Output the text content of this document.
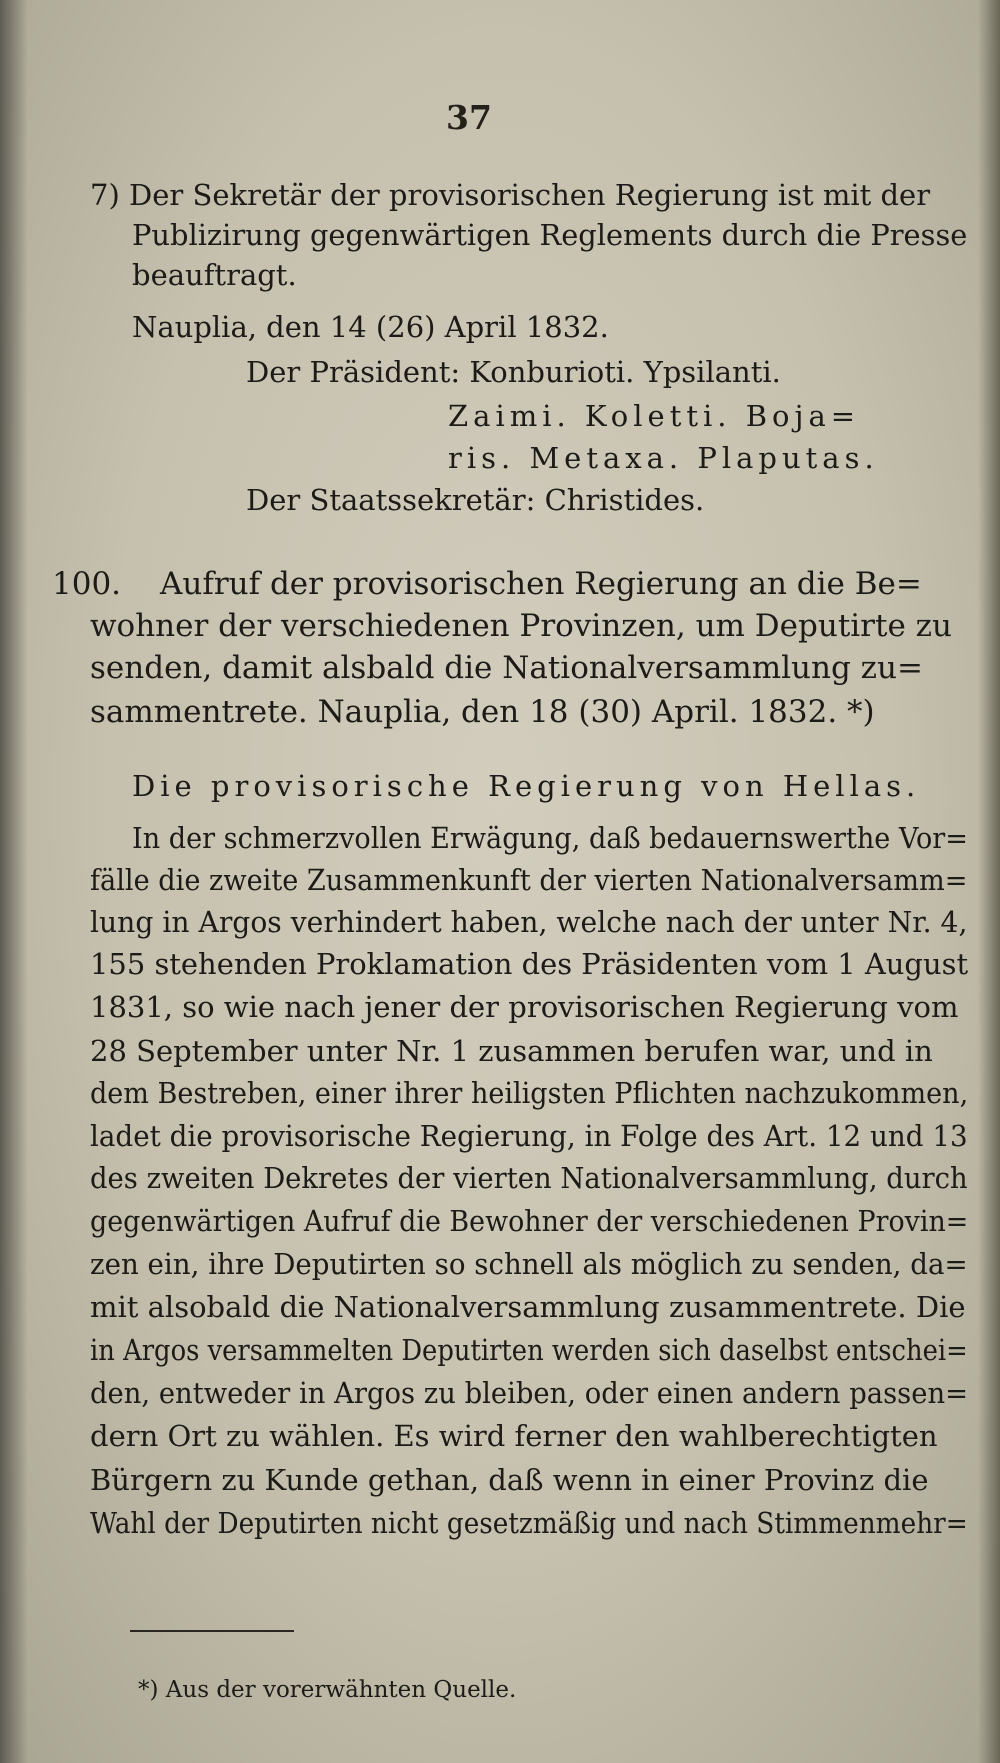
37

7) Der Sekretär der provisorischen Regierung ist mit der

Publizirung gegenwärtigen Reglements durch die Presse

beauftragt.

Nauplia, den 14 (26) April 1832.

Der Präsident: Konburioti. Ypsilanti.

Zaimi. Koletti. Boja=

ris. Metaxa. Plaputas.

Der Staatssekretär: Christides.

100. Aufruf der provisorischen Regierung an die Be=

wohner der verschiedenen Provinzen, um Deputirte zu

senden, damit alsbald die Nationalversammlung zu=

sammentrete. Nauplia, den 18 (30) April. 1832. *)

Die provisorische Regierung von Hellas.

In der schmerzvollen Erwägung, daß bedauernswerthe Vor=

fälle die zweite Zusammenkunft der vierten Nationalversamm=

lung in Argos verhindert haben, welche nach der unter Nr. 4,

155 stehenden Proklamation des Präsidenten vom 1 August

1831, so wie nach jener der provisorischen Regierung vom

28 September unter Nr. 1 zusammen berufen war, und in

dem Bestreben, einer ihrer heiligsten Pflichten nachzukommen,

ladet die provisorische Regierung, in Folge des Art. 12 und 13

des zweiten Dekretes der vierten Nationalversammlung, durch

gegenwärtigen Aufruf die Bewohner der verschiedenen Provin=

zen ein, ihre Deputirten so schnell als möglich zu senden, da=

mit alsobald die Nationalversammlung zusammentrete. Die

in Argos versammelten Deputirten werden sich daselbst entschei=

den, entweder in Argos zu bleiben, oder einen andern passen=

dern Ort zu wählen. Es wird ferner den wahlberechtigten

Bürgern zu Kunde gethan, daß wenn in einer Provinz die

Wahl der Deputirten nicht gesetzmäßig und nach Stimmenmehr=

*) Aus der vorerwähnten Quelle.
